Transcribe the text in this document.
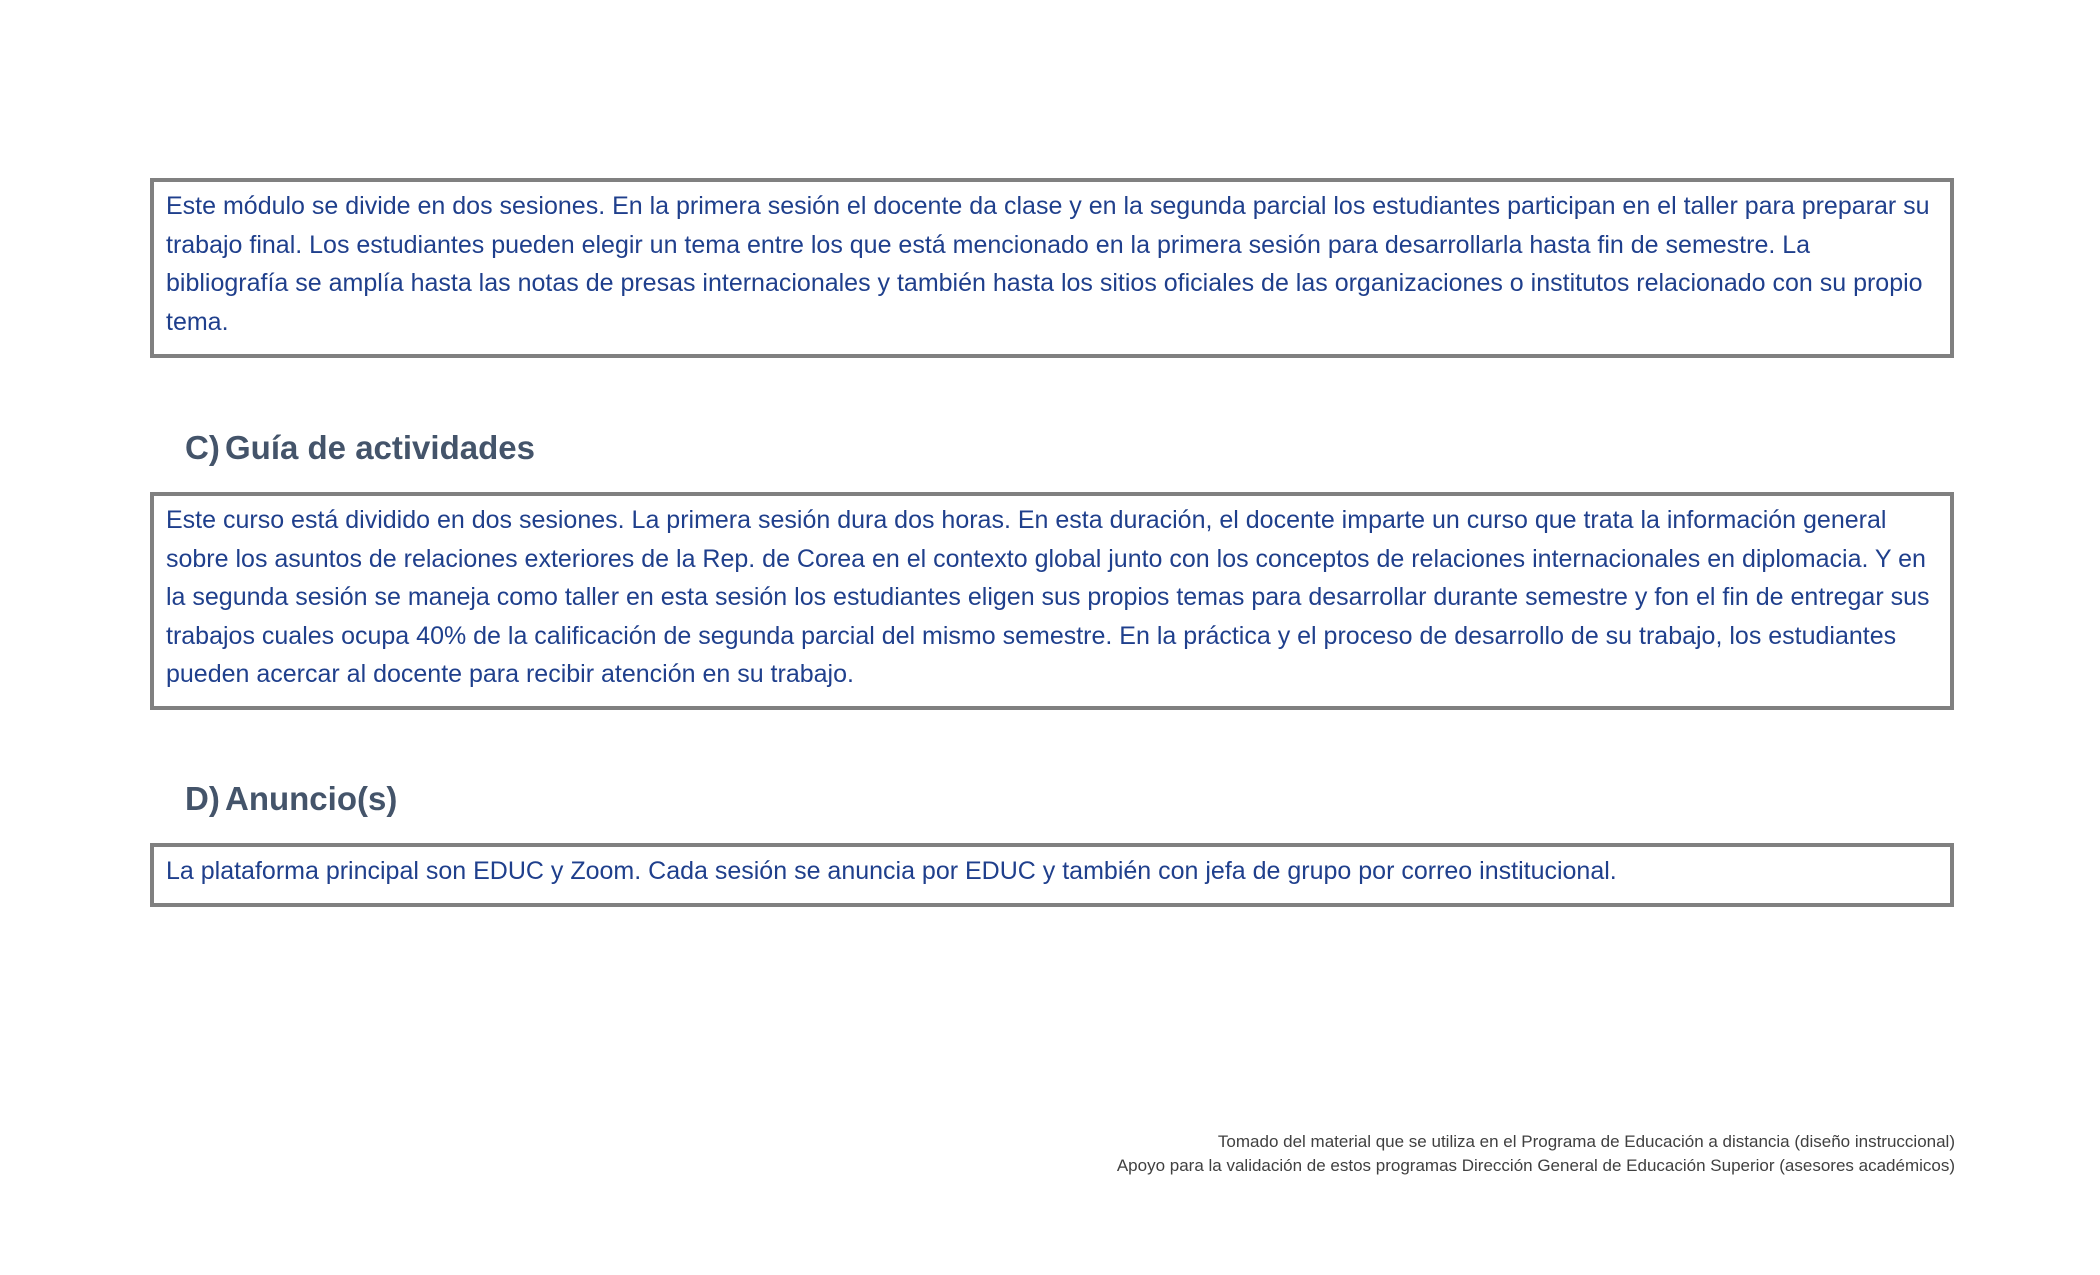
Este módulo se divide en dos sesiones. En la primera sesión el docente da clase y en la segunda parcial los estudiantes participan en el taller para preparar su trabajo final. Los estudiantes pueden elegir un tema entre los que está mencionado en la primera sesión para desarrollarla hasta fin de semestre. La bibliografía se amplía hasta las notas de presas internacionales y también hasta los sitios oficiales de las organizaciones o institutos relacionado con su propio tema.
C) Guía de actividades
Este curso está dividido en dos sesiones. La primera sesión dura dos horas. En esta duración, el docente imparte un curso que trata la información general sobre los asuntos de relaciones exteriores de la Rep. de Corea en el contexto global junto con los conceptos de relaciones internacionales en diplomacia. Y en la segunda sesión se maneja como taller en esta sesión los estudiantes eligen sus propios temas para desarrollar durante semestre y fon el fin de entregar sus trabajos cuales ocupa 40% de la calificación de segunda parcial del mismo semestre. En la práctica y el proceso de desarrollo de su trabajo, los estudiantes pueden acercar al docente para recibir atención en su trabajo.
D) Anuncio(s)
La plataforma principal son EDUC y Zoom. Cada sesión se anuncia por EDUC y también con jefa de grupo por correo institucional.
Tomado del material que se utiliza en el Programa de Educación a distancia (diseño instruccional)
Apoyo para la validación de estos programas Dirección General de Educación Superior (asesores académicos)
